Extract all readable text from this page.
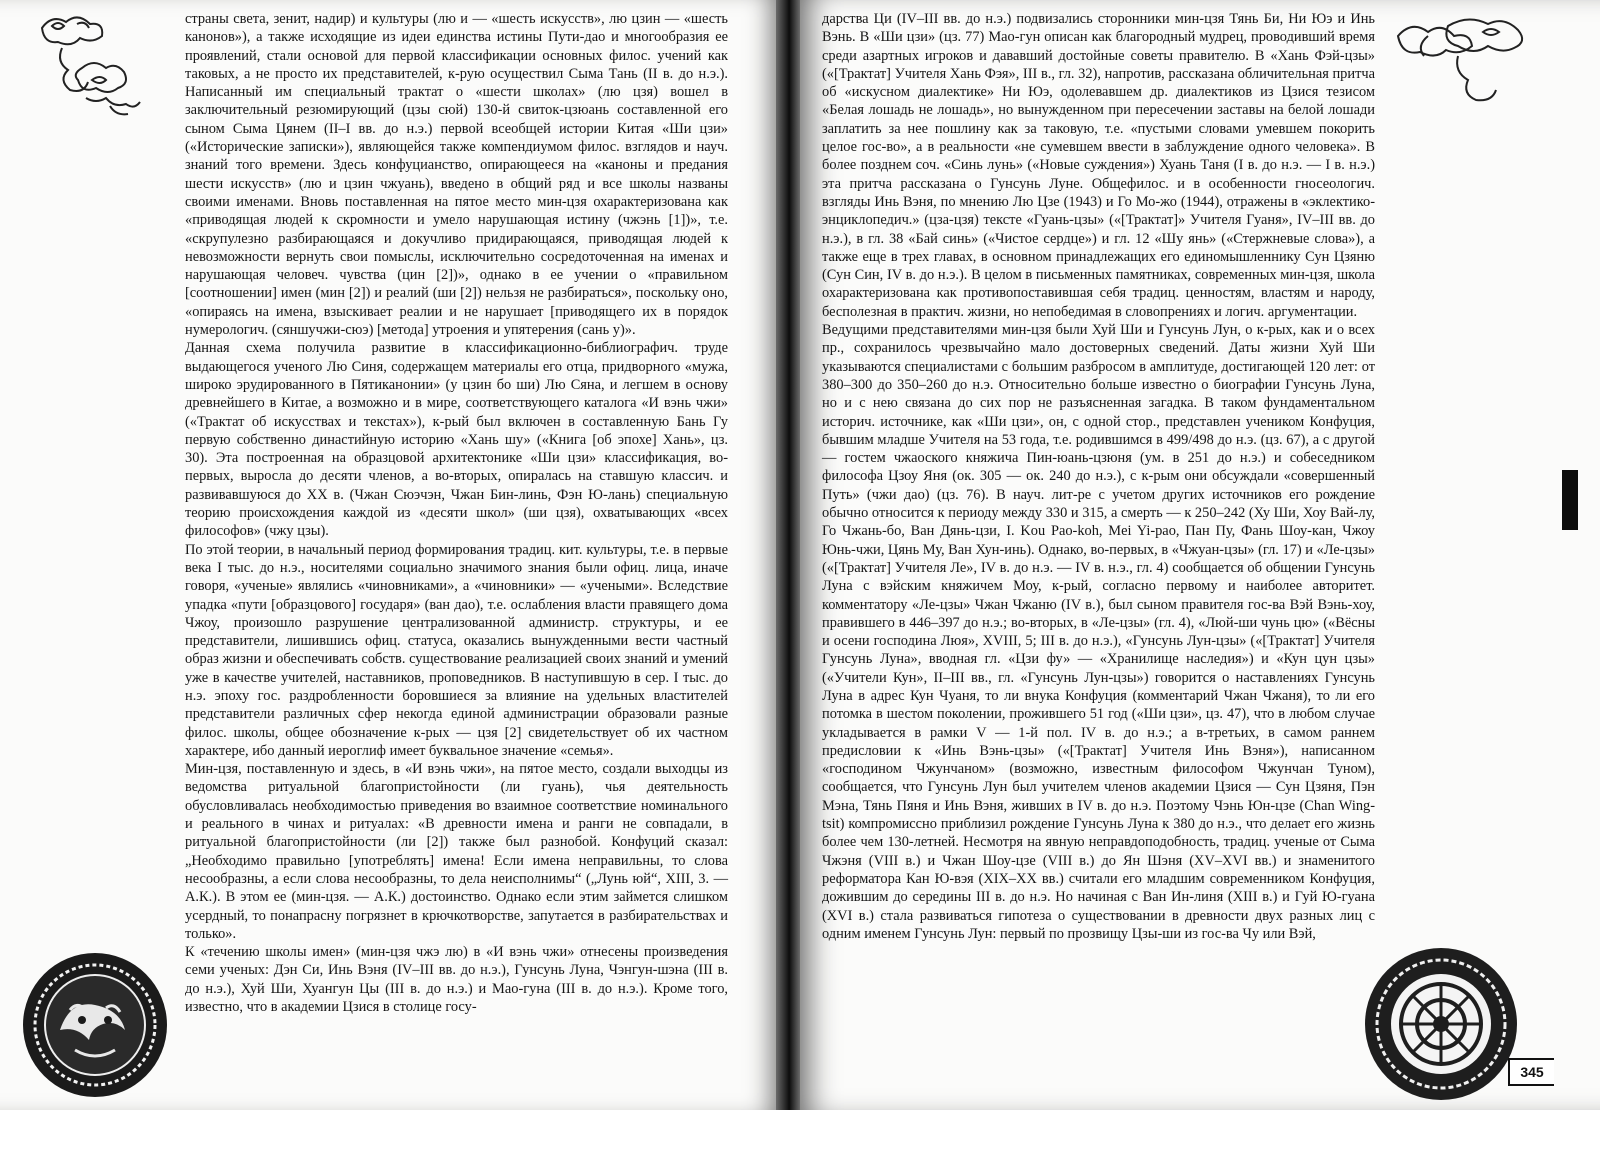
страны света, зенит, надир) и культуры (лю и — «шесть искусств», лю цзин — «шесть канонов»), а также исходящие из идеи единства истины Пути-дао и многообразия ее проявлений, стали основой для первой классификации основных филос. учений как таковых, а не просто их представителей, к-рую осуществил Сыма Тань (II в. до н.э.). Написанный им специальный трактат о «шести школах» (лю цзя) вошел в заключительный резюмирующий (цзы сюй) 130-й свиток-цзюань составленной его сыном Сыма Цянем (II–I вв. до н.э.) первой всеобщей истории Китая «Ши цзи» («Исторические записки»), являющейся также компендиумом филос. взглядов и науч. знаний того времени. Здесь конфуцианство, опирающееся на «каноны и предания шести искусств» (лю и цзин чжуань), введено в общий ряд и все школы названы своими именами. Вновь поставленная на пятое место мин-цзя охарактеризована как «приводящая людей к скромности и умело нарушающая истину (чжэнь [1])», т.е. «скрупулезно разбирающаяся и докучливо придирающаяся, приводящая людей к невозможности вернуть свои помыслы, исключительно сосредоточенная на именах и нарушающая человеч. чувства (цин [2])», однако в ее учении о «правильном [соотношении] имен (мин [2]) и реалий (ши [2]) нельзя не разбираться», поскольку оно, «опираясь на имена, взыскивает реалии и не нарушает [приводящего их в порядок нумерологич. (сяншучжи-сюэ) [метода] утроения и упятерения (сань у)».
Данная схема получила развитие в классификационно-библиографич. труде выдающегося ученого Лю Синя, содержащем материалы его отца, придворного «мужа, широко эрудированного в Пятиканонии» (у цзин бо ши) Лю Сяна, и легшем в основу древнейшего в Китае, а возможно и в мире, соответствующего каталога «И вэнь чжи» («Трактат об искусствах и текстах»), к-рый был включен в составленную Бань Гу первую собственно династийную историю «Хань шу» («Книга [об эпохе] Хань», цз. 30). Эта построенная на образцовой архитектонике «Ши цзи» классификация, во-первых, выросла до десяти членов, а во-вторых, опиралась на ставшую классич. и развивавшуюся до XX в. (Чжан Сюэчэн, Чжан Бин-линь, Фэн Ю-лань) специальную теорию происхождения каждой из «десяти школ» (ши цзя), охватывающих «всех философов» (чжу цзы).
По этой теории, в начальный период формирования традиц. кит. культуры, т.е. в первые века I тыс. до н.э., носителями социально значимого знания были офиц. лица, иначе говоря, «ученые» являлись «чиновниками», а «чиновники» — «учеными». Вследствие упадка «пути [образцового] государя» (ван дао), т.е. ослабления власти правящего дома Чжоу, произошло разрушение централизованной администр. структуры, и ее представители, лишившись офиц. статуса, оказались вынужденными вести частный образ жизни и обеспечивать собств. существование реализацией своих знаний и умений уже в качестве учителей, наставников, проповедников. В наступившую в сер. I тыс. до н.э. эпоху гос. раздробленности боровшиеся за влияние на удельных властителей представители различных сфер некогда единой администрации образовали разные филос. школы, общее обозначение к-рых — цзя [2] свидетельствует об их частном характере, ибо данный иероглиф имеет буквальное значение «семья».
Мин-цзя, поставленную и здесь, в «И вэнь чжи», на пятое место, создали выходцы из ведомства ритуальной благопристойности (ли гуань), чья деятельность обусловливалась необходимостью приведения во взаимное соответствие номинального и реального в чинах и ритуалах: «В древности имена и ранги не совпадали, в ритуальной благопристойности (ли [2]) также был разнобой. Конфуций сказал: „Необходимо правильно [употреблять] имена! Если имена неправильны, то слова несообразны, а если слова несообразны, то дела неисполнимы“ („Лунь юй“, XIII, 3. — А.К.). В этом ее (мин-цзя. — А.К.) достоинство. Однако если этим займется слишком усердный, то понапрасну погрязнет в крючкотворстве, запутается в разбирательствах и только».
К «течению школы имен» (мин-цзя чжэ лю) в «И вэнь чжи» отнесены произведения семи ученых: Дэн Си, Инь Вэня (IV–III вв. до н.э.), Гунсунь Луна, Чэнгун-шэна (III в. до н.э.), Хуй Ши, Хуангун Цы (III в. до н.э.) и Мао-гуна (III в. до н.э.). Кроме того, известно, что в академии Цзися в столице госу-
дарства Ци (IV–III вв. до н.э.) подвизались сторонники мин-цзя Тянь Би, Ни Юэ и Инь Вэнь. В «Ши цзи» (цз. 77) Мао-гун описан как благородный мудрец, проводивший время среди азартных игроков и дававший достойные советы правителю. В «Хань Фэй-цзы» («[Трактат] Учителя Хань Фэя», III в., гл. 32), напротив, рассказана обличительная притча об «искусном диалектике» Ни Юэ, одолевавшем др. диалектиков из Цзися тезисом «Белая лошадь не лошадь», но вынужденном при пересечении заставы на белой лошади заплатить за нее пошлину как за таковую, т.е. «пустыми словами умевшем покорить целое гос-во», а в реальности «не сумевшем ввести в заблуждение одного человека». В более позднем соч. «Синь лунь» («Новые суждения») Хуань Таня (I в. до н.э. — I в. н.э.) эта притча рассказана о Гунсунь Луне. Общефилос. и в особенности гносеологич. взгляды Инь Вэня, по мнению Лю Цзе (1943) и Го Мо-жо (1944), отражены в «эклектико-энциклопедич.» (цза-цзя) тексте «Гуань-цзы» («[Трактат]» Учителя Гуаня», IV–III вв. до н.э.), в гл. 38 «Бай синь» («Чистое сердце») и гл. 12 «Шу янь» («Стержневые слова»), а также еще в трех главах, в основном принадлежащих его единомышленнику Сун Цзяню (Сун Син, IV в. до н.э.). В целом в письменных памятниках, современных мин-цзя, школа охарактеризована как противопоставившая себя традиц. ценностям, властям и народу, бесполезная в практич. жизни, но непобедимая в словопрениях и логич. аргументации.
Ведущими представителями мин-цзя были Хуй Ши и Гунсунь Лун, о к-рых, как и о всех пр., сохранилось чрезвычайно мало достоверных сведений. Даты жизни Хуй Ши указываются специалистами с большим разбросом в амплитуде, достигающей 120 лет: от 380–300 до 350–260 до н.э. Относительно больше известно о биографии Гунсунь Луна, но и с нею связана до сих пор не разъясненная загадка. В таком фундаментальном историч. источнике, как «Ши цзи», он, с одной стор., представлен учеником Конфуция, бывшим младше Учителя на 53 года, т.е. родившимся в 499/498 до н.э. (цз. 67), а с другой — гостем чжаоского княжича Пин-юань-цзюня (ум. в 251 до н.э.) и собеседником философа Цзоу Яня (ок. 305 — ок. 240 до н.э.), с к-рым они обсуждали «совершенный Путь» (чжи дао) (цз. 76). В науч. лит-ре с учетом других источников его рождение обычно относится к периоду между 330 и 315, а смерть — к 250–242 (Ху Ши, Хоу Вай-лу, Го Чжань-бо, Ван Дянь-цзи, I. Kou Pao-koh, Mei Yi-pao, Пан Пу, Фань Шоу-кан, Чжоу Юнь-чжи, Цянь Му, Ван Хун-инь). Однако, во-первых, в «Чжуан-цзы» (гл. 17) и «Ле-цзы» («[Трактат] Учителя Ле», IV в. до н.э. — IV в. н.э., гл. 4) сообщается об общении Гунсунь Луна с вэйским княжичем Моу, к-рый, согласно первому и наиболее авторитет. комментатору «Ле-цзы» Чжан Чжаню (IV в.), был сыном правителя гос-ва Вэй Вэнь-хоу, правившего в 446–397 до н.э.; во-вторых, в «Ле-цзы» (гл. 4), «Люй-ши чунь цю» («Вёсны и осени господина Люя», XVIII, 5; III в. до н.э.), «Гунсунь Лун-цзы» («[Трактат] Учителя Гунсунь Луна», вводная гл. «Цзи фу» — «Хранилище наследия») и «Кун цун цзы» («Учители Кун», II–III вв., гл. «Гунсунь Лун-цзы») говорится о наставлениях Гунсунь Луна в адрес Кун Чуаня, то ли внука Конфуция (комментарий Чжан Чжаня), то ли его потомка в шестом поколении, прожившего 51 год («Ши цзи», цз. 47), что в любом случае укладывается в рамки V — 1-й пол. IV в. до н.э.; а в-третьих, в самом раннем предисловии к «Инь Вэнь-цзы» («[Трактат] Учителя Инь Вэня»), написанном «господином Чжунчаном» (возможно, известным философом Чжунчан Туном), сообщается, что Гунсунь Лун был учителем членов академии Цзися — Сун Цзяня, Пэн Мэна, Тянь Пяня и Инь Вэня, живших в IV в. до н.э. Поэтому Чэнь Юн-цзе (Chan Wing-tsit) компромиссно приблизил рождение Гунсунь Луна к 380 до н.э., что делает его жизнь более чем 130-летней. Несмотря на явную неправдоподобность, традиц. ученые от Сыма Чжэня (VIII в.) и Чжан Шоу-цзе (VIII в.) до Ян Шэня (XV–XVI вв.) и знаменитого реформатора Кан Ю-вэя (XIX–XX вв.) считали его младшим современником Конфуция, дожившим до середины III в. до н.э. Но начиная с Ван Ин-линя (XIII в.) и Гуй Ю-гуана (XVI в.) стала развиваться гипотеза о существовании в древности двух разных лиц с одним именем Гунсунь Лун: первый по прозвищу Цзы-ши из гос-ва Чу или Вэй,
345
